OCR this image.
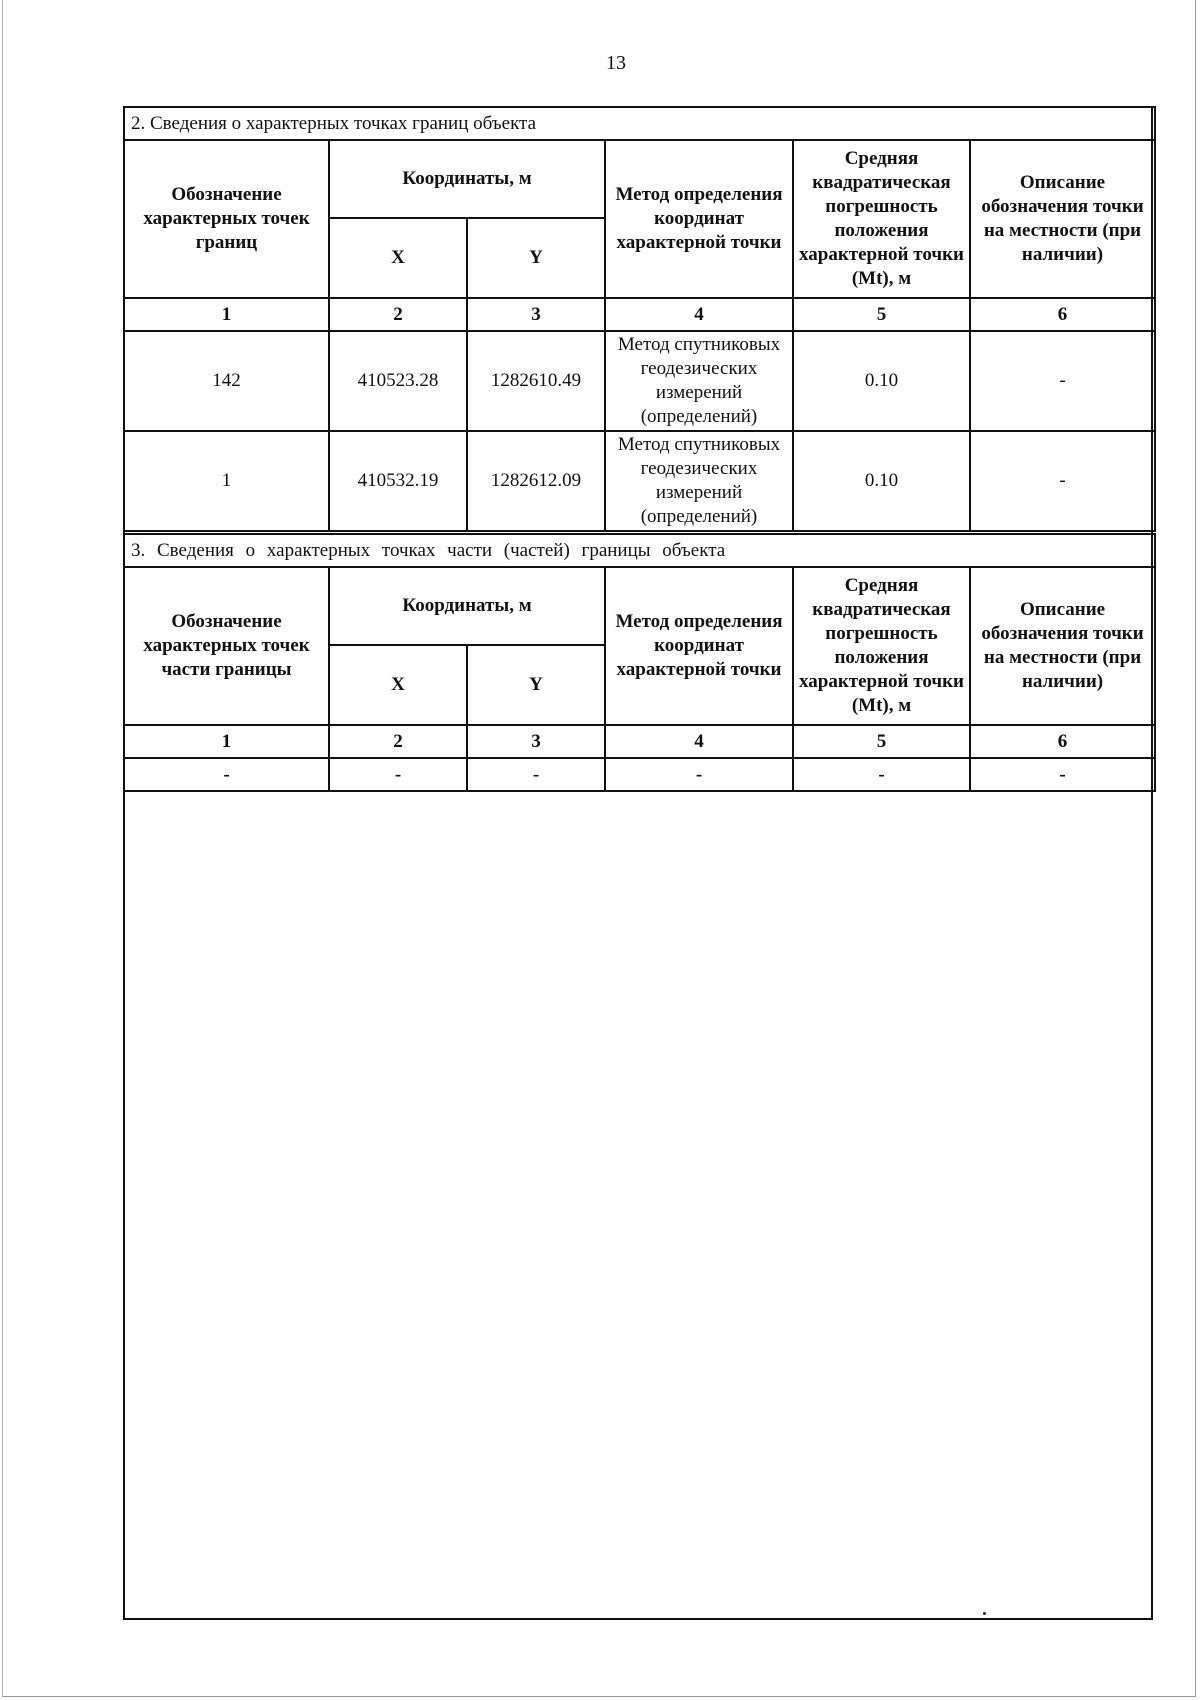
13
2. Сведения о характерных точках границ объекта					
Обозначение характерных точек границ	Координаты, м		Метод определения координат характерной точки	Средняя квадратическая погрешность положения характерной точки (Mt), м	Описание обозначения точки на местности (при наличии)
	X	Y			
1	2	3	4	5	6
142	410523.28	1282610.49	Метод спутниковых геодезических измерений (определений)	0.10	-
1	410532.19	1282612.09	Метод спутниковых геодезических измерений (определений)	0.10	-
3. Сведения о характерных точках части (частей) границы объекта					
Обозначение характерных точек части границы	Координаты, м		Метод определения координат характерной точки	Средняя квадратическая погрешность положения характерной точки (Mt), м	Описание обозначения точки на местности (при наличии)
	X	Y			
1	2	3	4	5	6
-	-	-	-	-	-
